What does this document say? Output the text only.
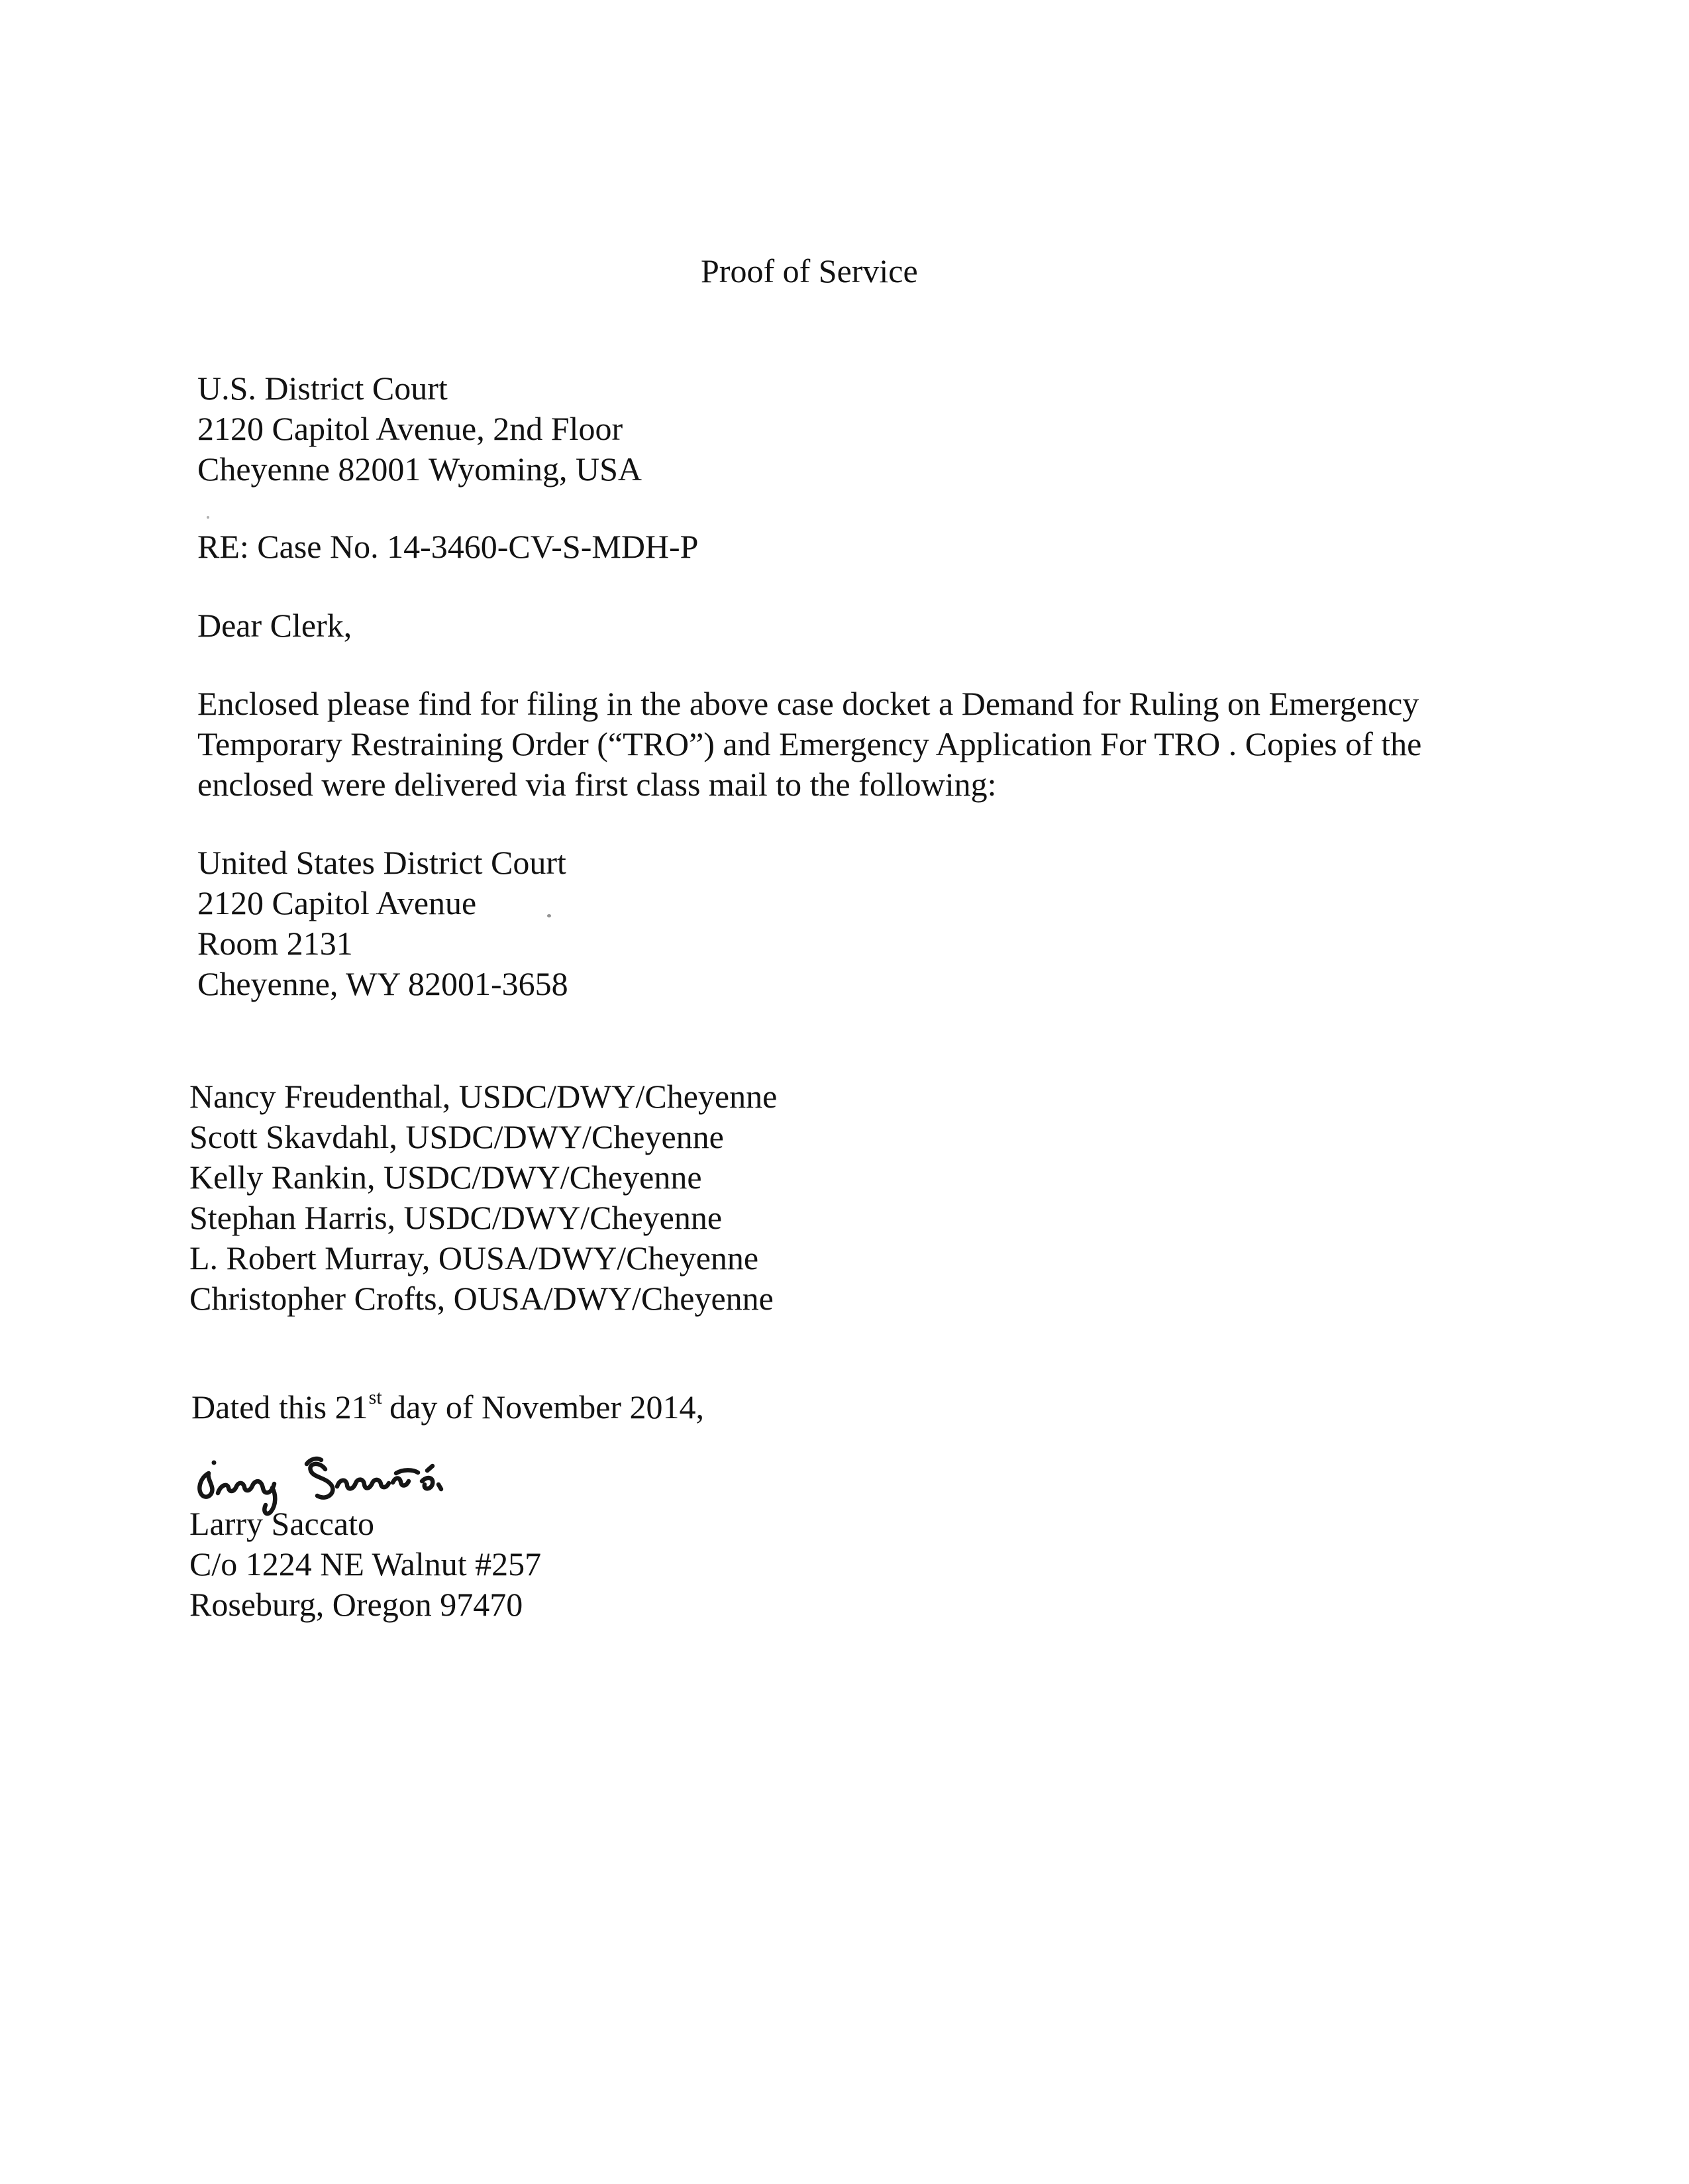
Proof of Service
U.S. District Court
2120 Capitol Avenue, 2nd Floor
Cheyenne 82001 Wyoming, USA
RE: Case No. 14-3460-CV-S-MDH-P
Dear Clerk,
Enclosed please find for filing in the above case docket a Demand for Ruling on Emergency
Temporary Restraining Order (“TRO”) and Emergency Application For TRO . Copies of the
enclosed were delivered via first class mail to the following:
United States District Court
2120 Capitol Avenue
Room 2131
Cheyenne, WY 82001-3658
Nancy Freudenthal, USDC/DWY/Cheyenne
Scott Skavdahl, USDC/DWY/Cheyenne
Kelly Rankin, USDC/DWY/Cheyenne
Stephan Harris, USDC/DWY/Cheyenne
L. Robert Murray, OUSA/DWY/Cheyenne
Christopher Crofts, OUSA/DWY/Cheyenne
Dated this 21st day of November 2014,
Larry Saccato
C/o 1224 NE Walnut #257
Roseburg, Oregon 97470
